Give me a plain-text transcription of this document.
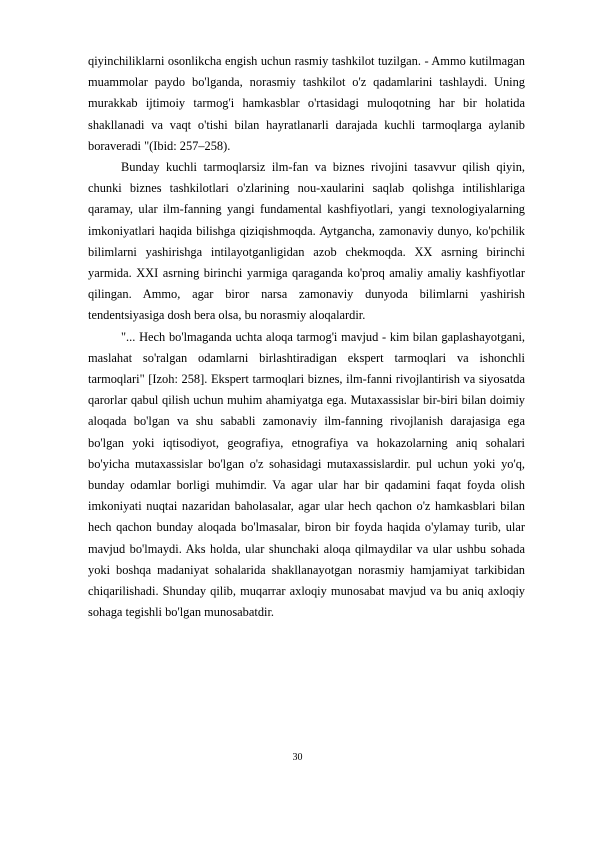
qiyinchiliklarni osonlikcha engish uchun rasmiy tashkilot tuzilgan. - Ammo kutilmagan muammolar paydo bo'lganda, norasmiy tashkilot o'z qadamlarini tashlaydi. Uning murakkab ijtimoiy tarmog'i hamkasblar o'rtasidagi muloqotning har bir holatida shakllanadi va vaqt o'tishi bilan hayratlanarli darajada kuchli tarmoqlarga aylanib boraveradi "(Ibid: 257–258).

Bunday kuchli tarmoqlarsiz ilm-fan va biznes rivojini tasavvur qilish qiyin, chunki biznes tashkilotlari o'zlarining nou-xaularini saqlab qolishga intilishlariga qaramay, ular ilm-fanning yangi fundamental kashfiyotlari, yangi texnologiyalarning imkoniyatlari haqida bilishga qiziqishmoqda. Aytgancha, zamonaviy dunyo, ko'pchilik bilimlarni yashirishga intilayotganligidan azob chekmoqda. XX asrning birinchi yarmida. XXI asrning birinchi yarmiga qaraganda ko'proq amaliy amaliy kashfiyotlar qilingan. Ammo, agar biror narsa zamonaviy dunyoda bilimlarni yashirish tendentsiyasiga dosh bera olsa, bu norasmiy aloqalardir.

"... Hech bo'lmaganda uchta aloqa tarmog'i mavjud - kim bilan gaplashayotgani, maslahat so'ralgan odamlarni birlashtiradigan ekspert tarmoqlari va ishonchli tarmoqlari" [Izoh: 258]. Ekspert tarmoqlari biznes, ilm-fanni rivojlantirish va siyosatda qarorlar qabul qilish uchun muhim ahamiyatga ega. Mutaxassislar bir-biri bilan doimiy aloqada bo'lgan va shu sababli zamonaviy ilm-fanning rivojlanish darajasiga ega bo'lgan yoki iqtisodiyot, geografiya, etnografiya va hokazolarning aniq sohalari bo'yicha mutaxassislar bo'lgan o'z sohasidagi mutaxassislardir. pul uchun yoki yo'q, bunday odamlar borligi muhimdir. Va agar ular har bir qadamini faqat foyda olish imkoniyati nuqtai nazaridan baholasalar, agar ular hech qachon o'z hamkasblari bilan hech qachon bunday aloqada bo'lmasalar, biron bir foyda haqida o'ylamay turib, ular mavjud bo'lmaydi. Aks holda, ular shunchaki aloqa qilmaydilar va ular ushbu sohada yoki boshqa madaniyat sohalarida shakllanayotgan norasmiy hamjamiyat tarkibidan chiqarilishadi. Shunday qilib, muqarrar axloqiy munosabat mavjud va bu aniq axloqiy sohaga tegishli bo'lgan munosabatdir.

30
